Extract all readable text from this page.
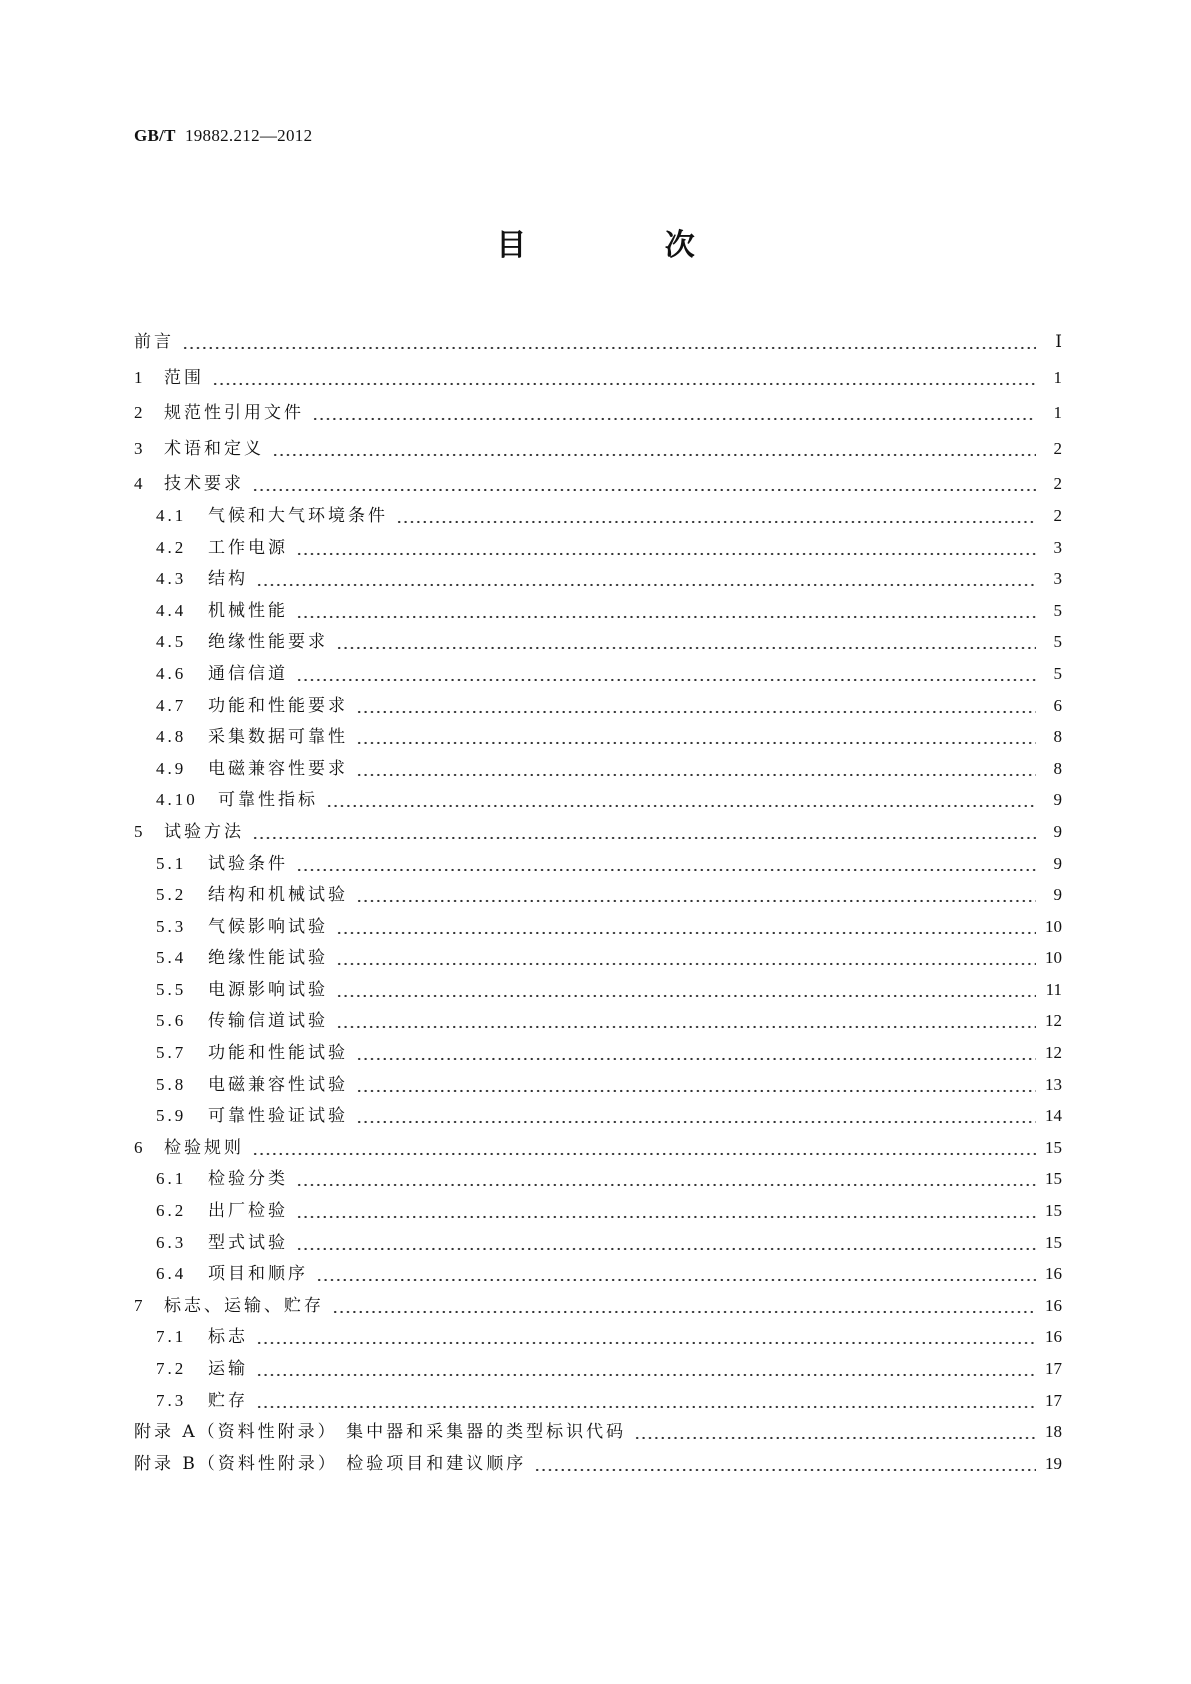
GB/T 19882.212—2012
目 次
前言	Ⅰ
1	范围	1
2	规范性引用文件	1
3	术语和定义	2
4	技术要求	2
4.1	气候和大气环境条件	2
4.2	工作电源	3
4.3	结构	3
4.4	机械性能	5
4.5	绝缘性能要求	5
4.6	通信信道	5
4.7	功能和性能要求	6
4.8	采集数据可靠性	8
4.9	电磁兼容性要求	8
4.10	可靠性指标	9
5	试验方法	9
5.1	试验条件	9
5.2	结构和机械试验	9
5.3	气候影响试验	10
5.4	绝缘性能试验	10
5.5	电源影响试验	11
5.6	传输信道试验	12
5.7	功能和性能试验	12
5.8	电磁兼容性试验	13
5.9	可靠性验证试验	14
6	检验规则	15
6.1	检验分类	15
6.2	出厂检验	15
6.3	型式试验	15
6.4	项目和顺序	16
7	标志、运输、贮存	16
7.1	标志	16
7.2	运输	17
7.3	贮存	17
附录 A（资料性附录） 集中器和采集器的类型标识代码	18
附录 B（资料性附录） 检验项目和建议顺序	19
